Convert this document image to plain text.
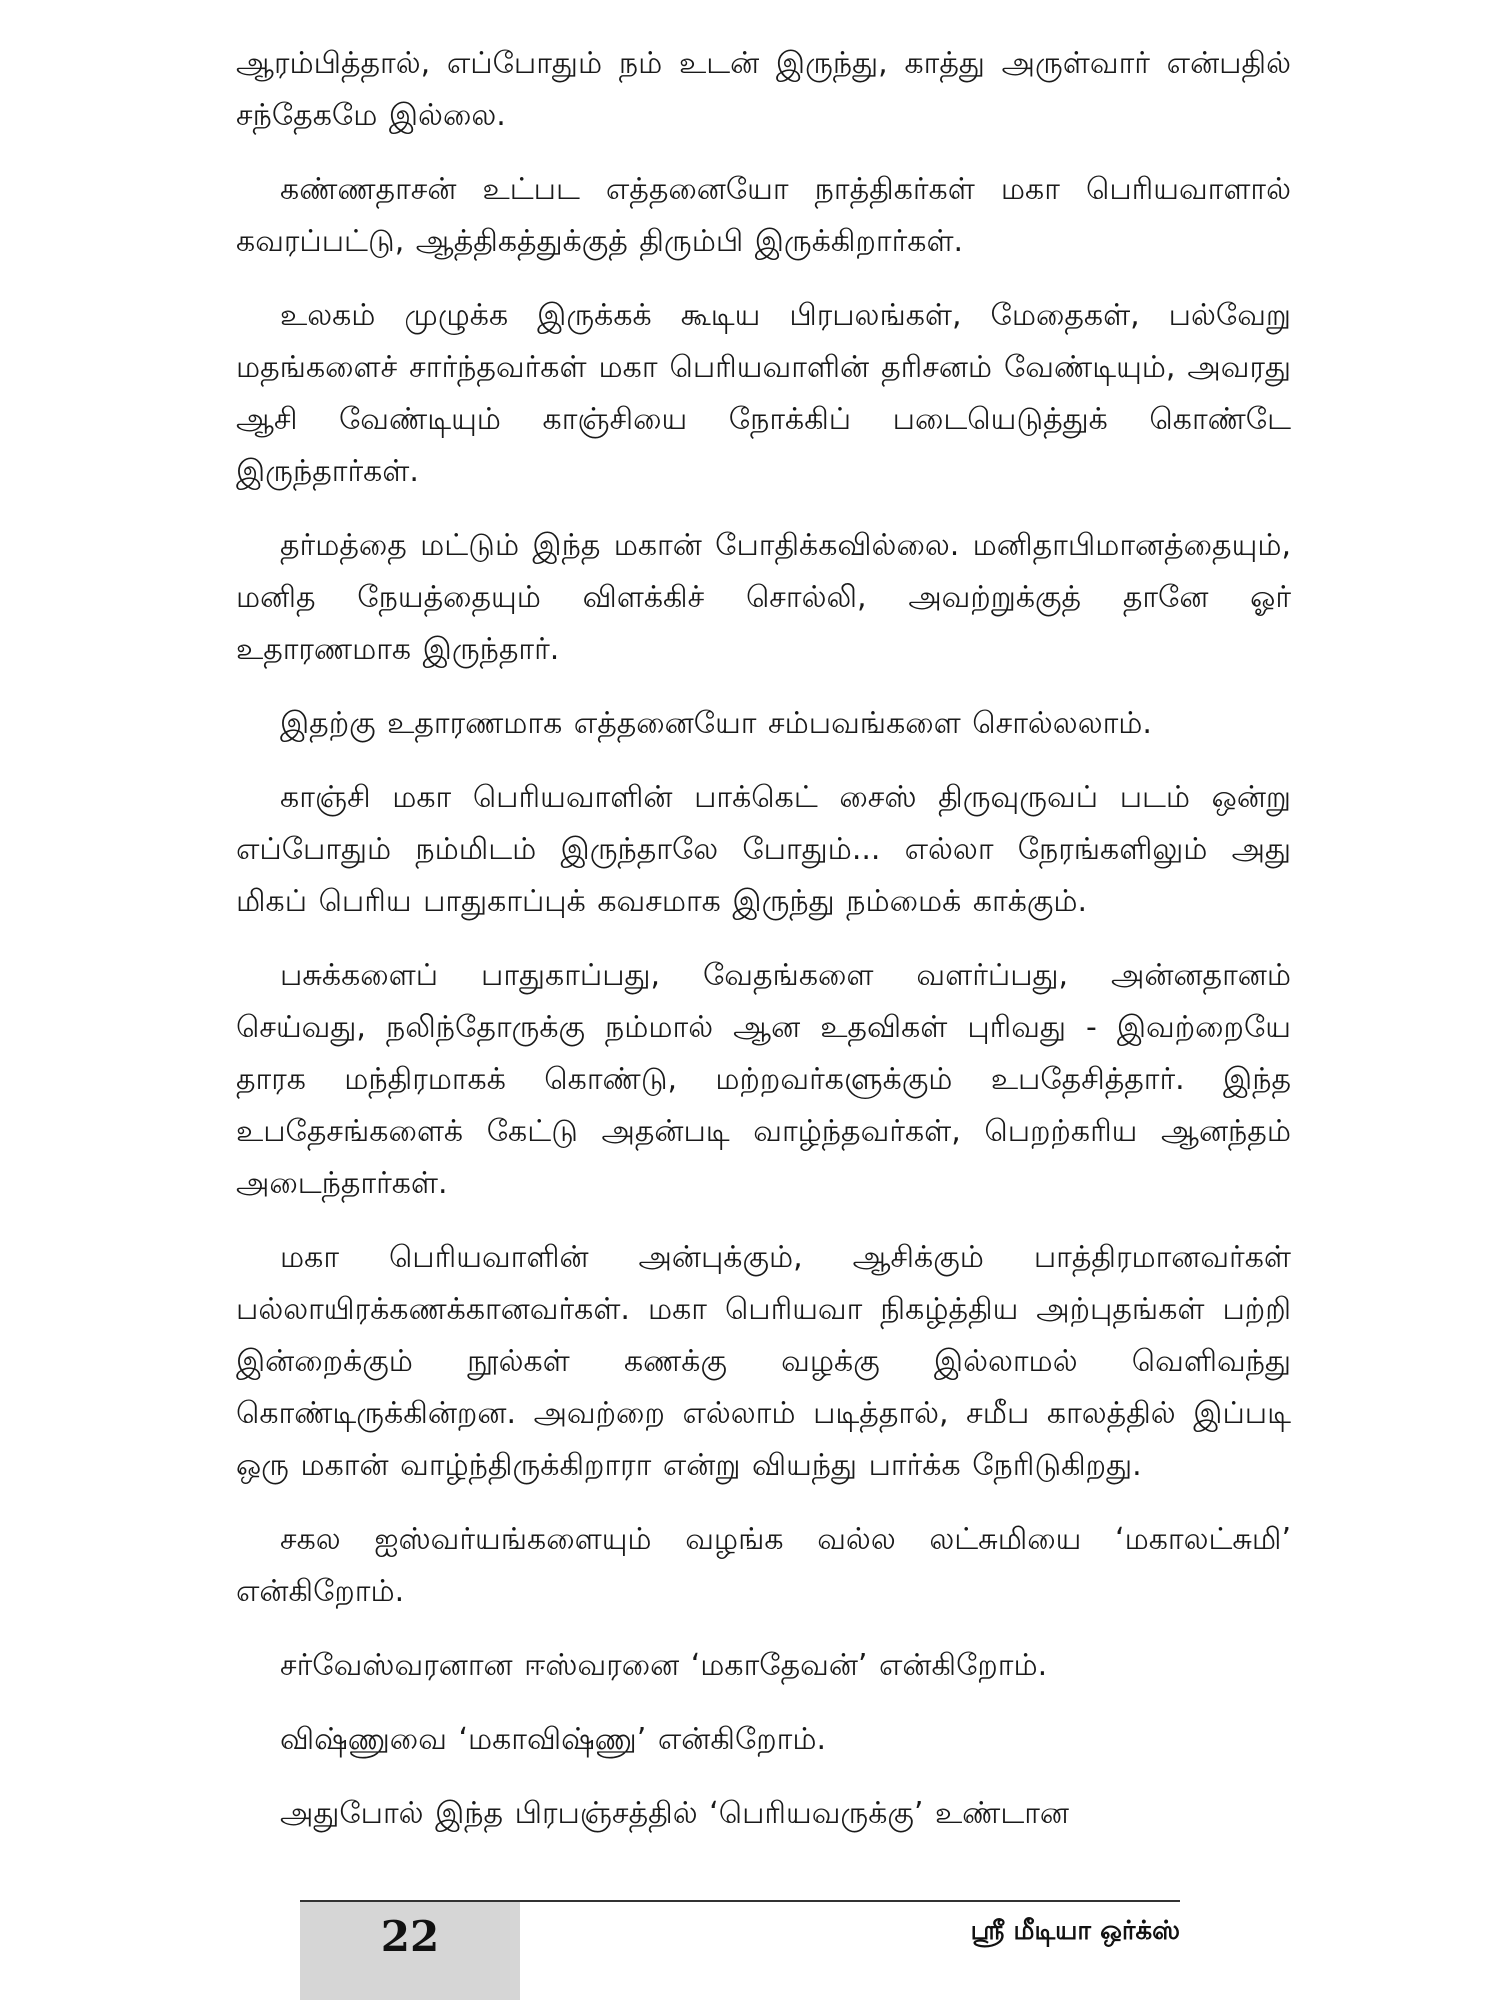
ஆரம்பித்தால், எப்போதும் நம் உடன் இருந்து, காத்து அருள்வார் என்பதில் சந்தேகமே இல்லை.

கண்ணதாசன் உட்பட எத்தனையோ நாத்திகர்கள் மகா பெரியவாளால் கவரப்பட்டு, ஆத்திகத்துக்குத் திரும்பி இருக்கிறார்கள்.

உலகம் முழுக்க இருக்கக் கூடிய பிரபலங்கள், மேதைகள், பல்வேறு மதங்களைச் சார்ந்தவர்கள் மகா பெரியவாளின் தரிசனம் வேண்டியும், அவரது ஆசி வேண்டியும் காஞ்சியை நோக்கிப் படையெடுத்துக் கொண்டே இருந்தார்கள்.

தர்மத்தை மட்டும் இந்த மகான் போதிக்கவில்லை. மனிதாபிமானத்தையும், மனித நேயத்தையும் விளக்கிச் சொல்லி, அவற்றுக்குத் தானே ஓர் உதாரணமாக இருந்தார்.

இதற்கு உதாரணமாக எத்தனையோ சம்பவங்களை சொல்லலாம்.

காஞ்சி மகா பெரியவாளின் பாக்கெட் சைஸ் திருவுருவப் படம் ஒன்று எப்போதும் நம்மிடம் இருந்தாலே போதும்... எல்லா நேரங்களிலும் அது மிகப் பெரிய பாதுகாப்புக் கவசமாக இருந்து நம்மைக் காக்கும்.

பசுக்களைப் பாதுகாப்பது, வேதங்களை வளர்ப்பது, அன்னதானம் செய்வது, நலிந்தோருக்கு நம்மால் ஆன உதவிகள் புரிவது - இவற்றையே தாரக மந்திரமாகக் கொண்டு, மற்றவர்களுக்கும் உபதேசித்தார். இந்த உபதேசங்களைக் கேட்டு அதன்படி வாழ்ந்தவர்கள், பெறற்கரிய ஆனந்தம் அடைந்தார்கள்.

மகா பெரியவாளின் அன்புக்கும், ஆசிக்கும் பாத்திரமானவர்கள் பல்லாயிரக்கணக்கானவர்கள். மகா பெரியவா நிகழ்த்திய அற்புதங்கள் பற்றி இன்றைக்கும் நூல்கள் கணக்கு வழக்கு இல்லாமல் வெளிவந்து கொண்டிருக்கின்றன. அவற்றை எல்லாம் படித்தால், சமீப காலத்தில் இப்படி ஒரு மகான் வாழ்ந்திருக்கிறாரா என்று வியந்து பார்க்க நேரிடுகிறது.

சகல ஐஸ்வர்யங்களையும் வழங்க வல்ல லட்சுமியை ‘மகாலட்சுமி’ என்கிறோம்.

சர்வேஸ்வரனான ஈஸ்வரனை ‘மகாதேவன்’ என்கிறோம்.

விஷ்ணுவை ‘மகாவிஷ்ணு’ என்கிறோம்.

அதுபோல் இந்த பிரபஞ்சத்தில் ‘பெரியவருக்கு’ உண்டான

22	ஸ்ரீ மீடியா ஒர்க்ஸ்
